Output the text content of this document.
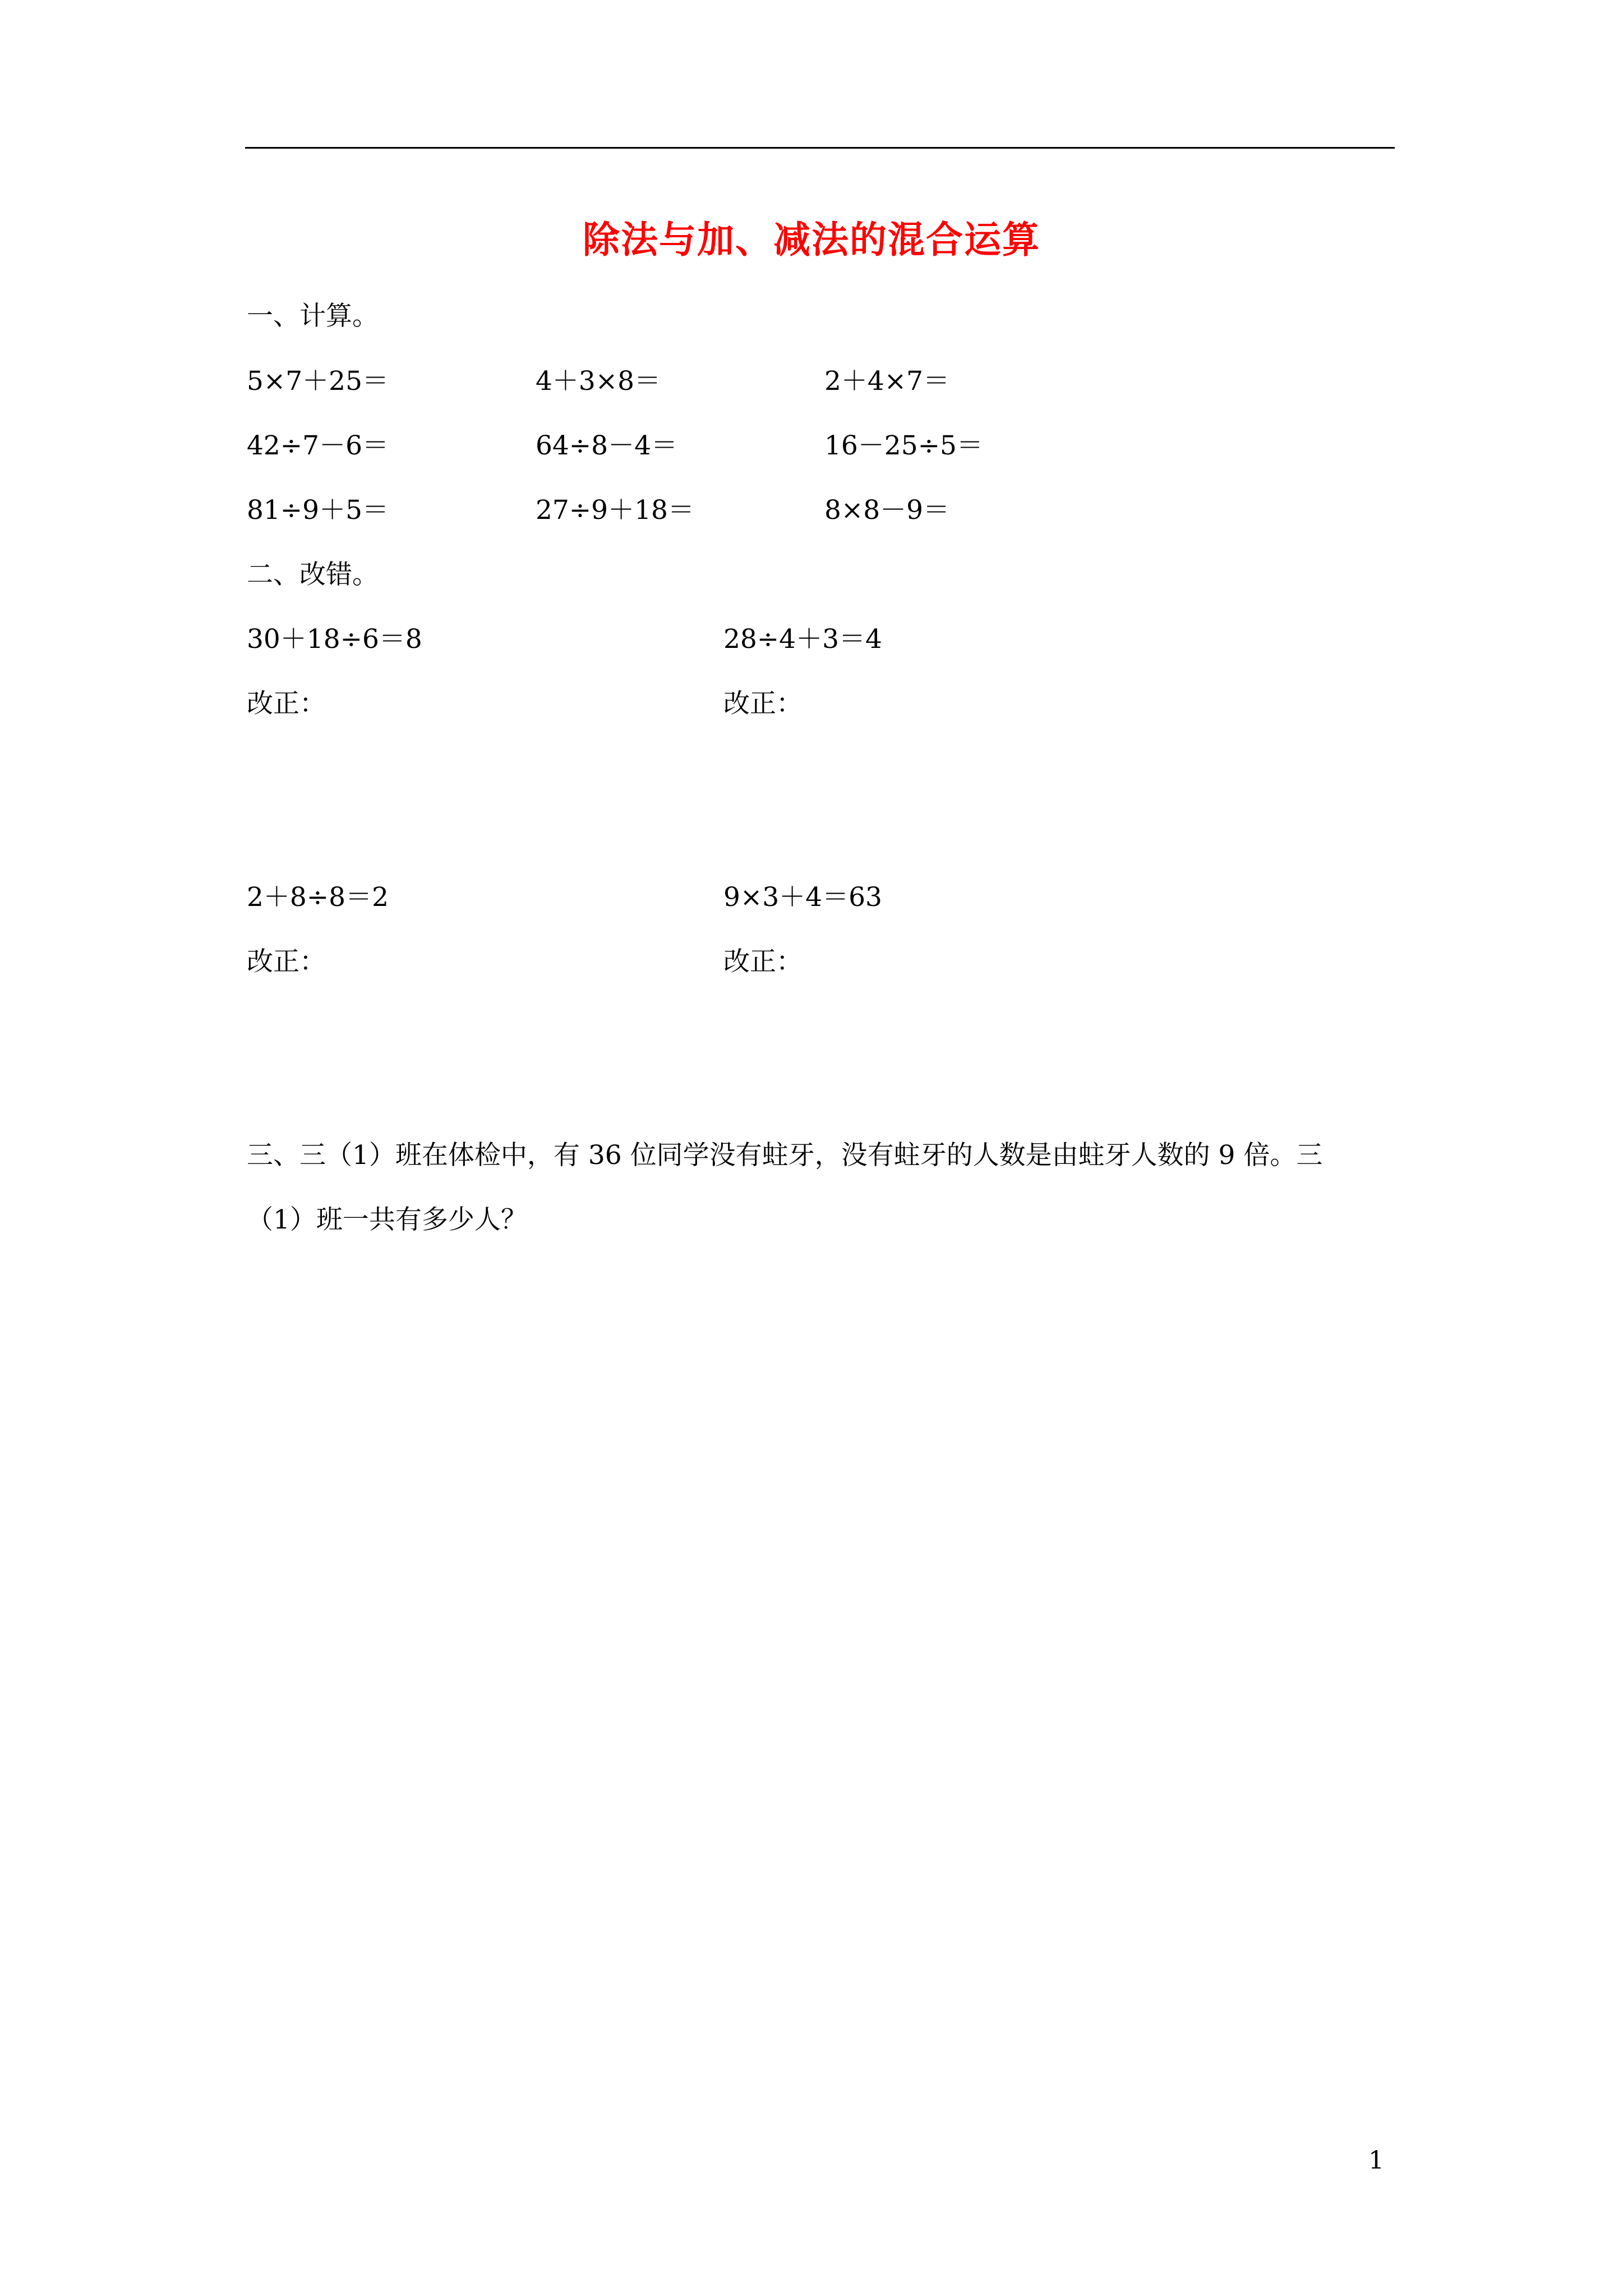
除法与加、减法的混合运算
一、计算。
5×7＋25＝	4＋3×8＝	2＋4×7＝
42÷7－6＝	64÷8－4＝	16－25÷5＝
81÷9＋5＝	27÷9＋18＝	8×8－9＝
二、改错。
30＋18÷6＝8	28÷4＋3＝4
改正：	改正：
2＋8÷8＝2	9×3＋4＝63
改正：	改正：
三、三（1）班在体检中，有 36 位同学没有蛀牙，没有蛀牙的人数是由蛀牙人数的 9 倍。三
（1）班一共有多少人？
1
